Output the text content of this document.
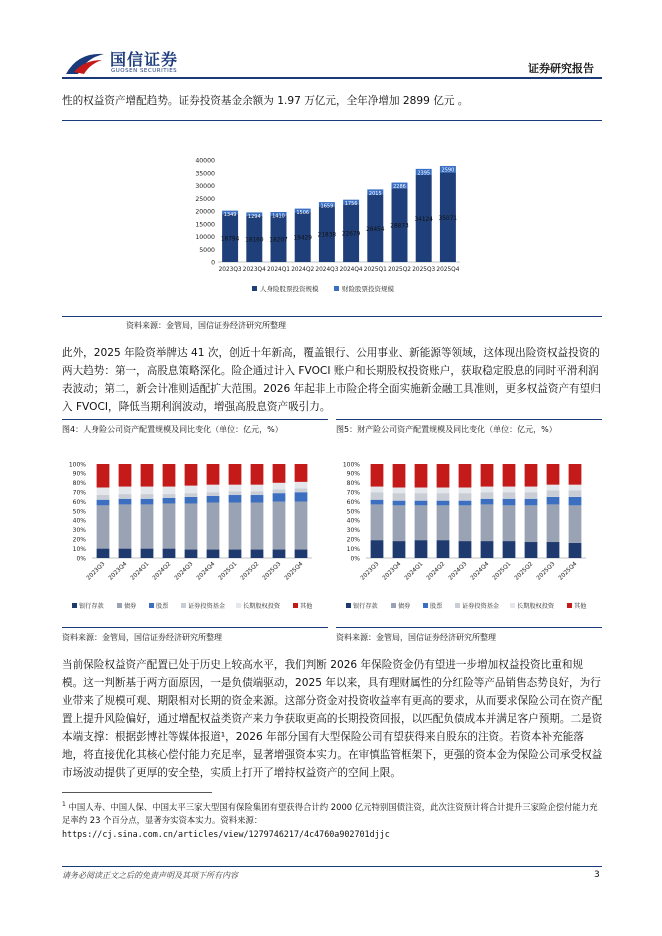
国信证券
GUOSEN SECURITIES	证券研究报告
性的权益资产增配趋势。证券投资基金余额为 1.97 万亿元，全年净增加 2899 亿元 。
0
5000
10000
15000
20000
25000
30000
35000
40000
18794
1349
2023Q3
18160
1294
2023Q4
18207
1410
2024Q1
19429
1506
2024Q2
21838
1659
2024Q3
22679
1756
2024Q4
26454
2015
2025Q1
28873
2286
2025Q2
34124
2395
2025Q3
35071
2590
2025Q4
人身险股票投资规模	财险股票投资规模
资料来源：金管局，国信证券经济研究所整理
此外，2025 年险资举牌达 41 次，创近十年新高，覆盖银行、公用事业、新能源等领域，这体现出险资权益投资的两大趋势：第一，高股息策略深化。险企通过计入 FVOCI 账户和长期股权投资账户，获取稳定股息的同时平滑利润表波动；第二，新会计准则适配扩大范围。2026 年起非上市险企将全面实施新金融工具准则，更多权益资产有望归入 FVOCI，降低当期利润波动，增强高股息资产吸引力。
图4：人身险公司资产配置规模及同比变化（单位：亿元，%）	图5：财产险公司资产配置规模及同比变化（单位：亿元，%）
0%
10%
20%
30%
40%
50%
60%
70%
80%
90%
100%
2023Q3 2023Q4 2024Q1 2024Q2 2024Q3 2024Q4 2025Q1 2025Q2 2025Q3 2025Q4
银行存款	债券	股票	证券投资基金	长期股权投资	其他
0%
10%
20%
30%
40%
50%
60%
70%
80%
90%
100%
2023Q3 2023Q4 2024Q1 2024Q2 2024Q3 2024Q4 2025Q1 2025Q2 2025Q3 2025Q4
银行存款	债券	股票	证券投资基金	长期股权投资	其他
资料来源：金管局，国信证券经济研究所整理	资料来源：金管局，国信证券经济研究所整理
当前保险权益资产配置已处于历史上较高水平，我们判断 2026 年保险资金仍有望进一步增加权益投资比重和规模。这一判断基于两方面原因，一是负债端驱动，2025 年以来，具有理财属性的分红险等产品销售态势良好，为行业带来了规模可观、期限相对长期的资金来源。这部分资金对投资收益率有更高的要求，从而要求保险公司在资产配置上提升风险偏好，通过增配权益类资产来力争获取更高的长期投资回报，以匹配负债成本并满足客户预期。二是资本端支撑：根据彭博社等媒体报道¹，2026 年部分国有大型保险公司有望获得来自股东的注资。若资本补充能落地，将直接优化其核心偿付能力充足率，显著增强资本实力。在审慎监管框架下，更强的资本金为保险公司承受权益市场波动提供了更厚的安全垫，实质上打开了增持权益资产的空间上限。
$^1$ 中国人寿、中国人保、中国太平三家大型国有保险集团有望获得合计约 2000 亿元特别国债注资，此次注资预计将合计提升三家险企偿付能力充足率约 23 个百分点，显著夯实资本实力。资料来源：
https://cj.sina.com.cn/articles/view/1279746217/4c4760a902701djjc
请务必阅读正文之后的免责声明及其项下所有内容	3
